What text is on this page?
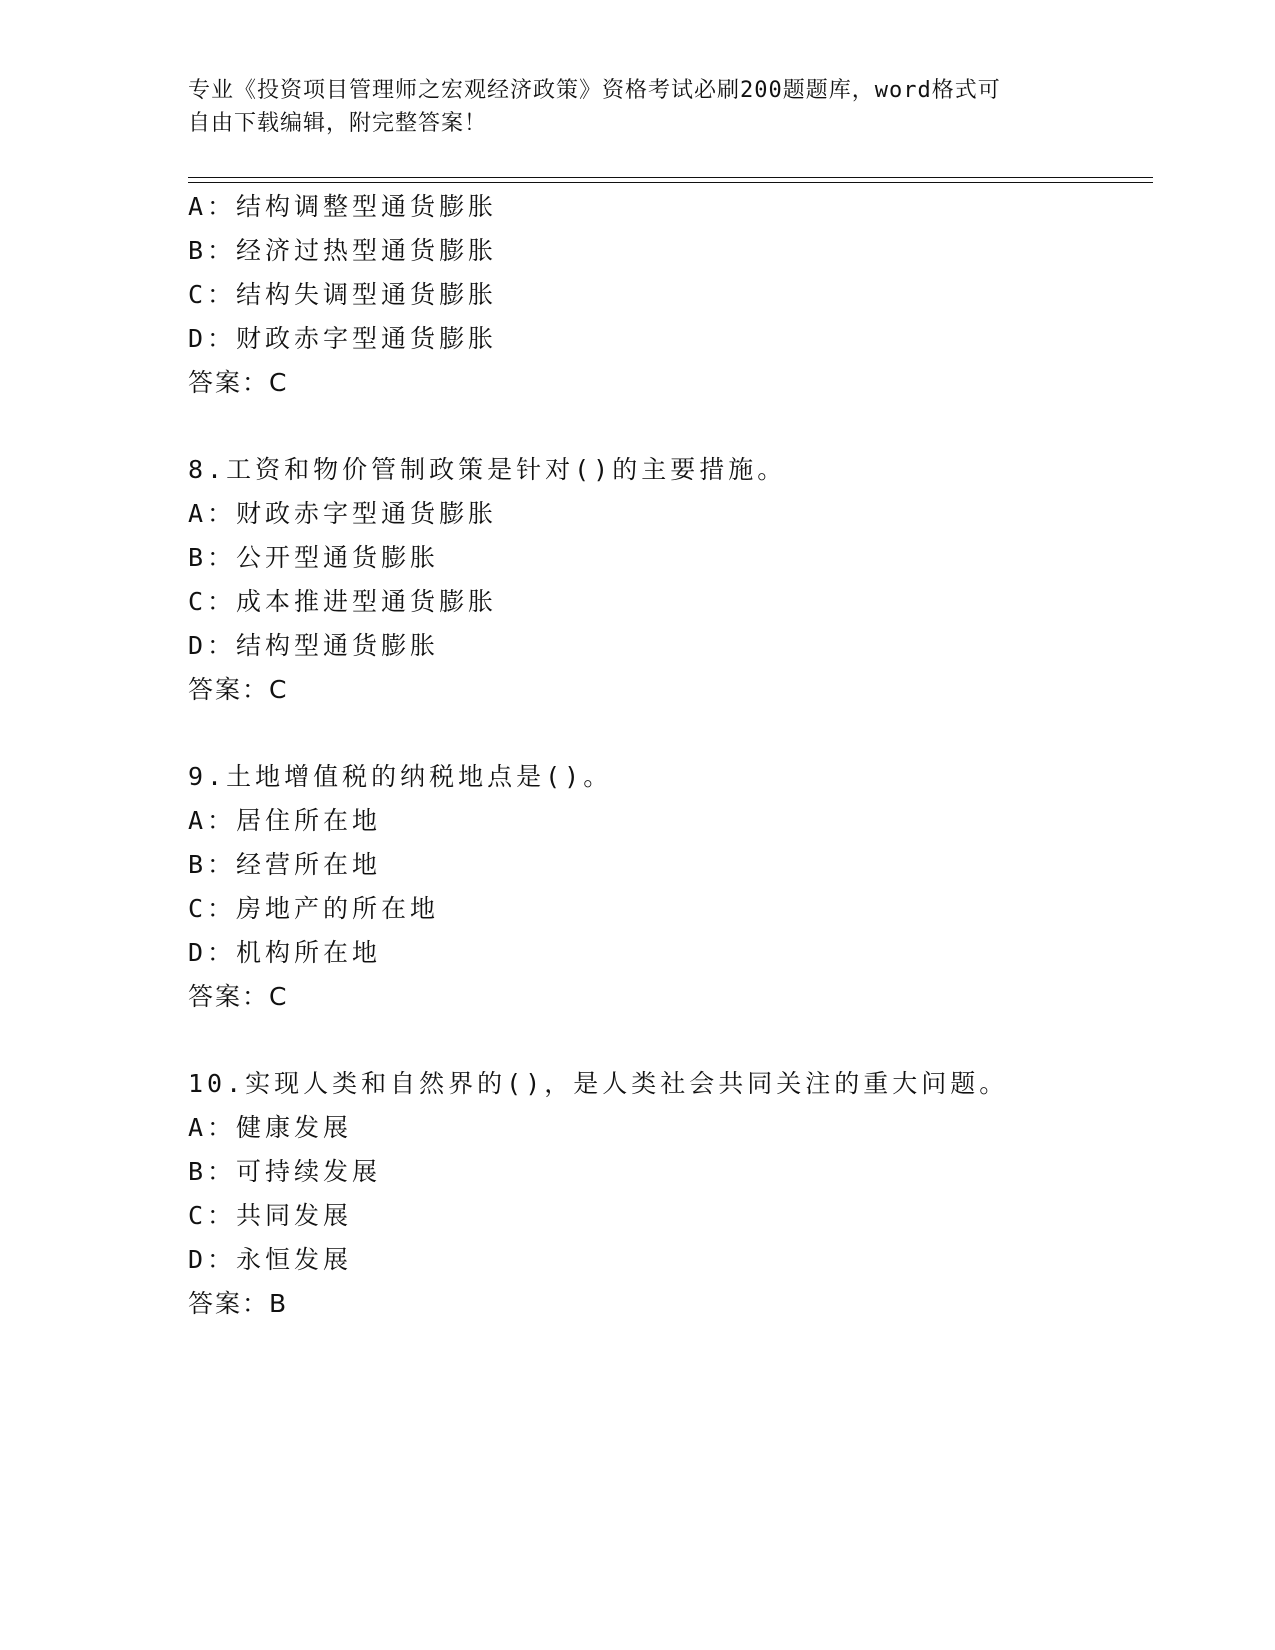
专业《投资项目管理师之宏观经济政策》资格考试必刷200题题库，word格式可
自由下载编辑，附完整答案！
A：结构调整型通货膨胀
B：经济过热型通货膨胀
C：结构失调型通货膨胀
D：财政赤字型通货膨胀
答案：C
8.工资和物价管制政策是针对()的主要措施。
A：财政赤字型通货膨胀
B：公开型通货膨胀
C：成本推进型通货膨胀
D：结构型通货膨胀
答案：C
9.土地增值税的纳税地点是()。
A：居住所在地
B：经营所在地
C：房地产的所在地
D：机构所在地
答案：C
10.实现人类和自然界的()，是人类社会共同关注的重大问题。
A：健康发展
B：可持续发展
C：共同发展
D：永恒发展
答案：B
